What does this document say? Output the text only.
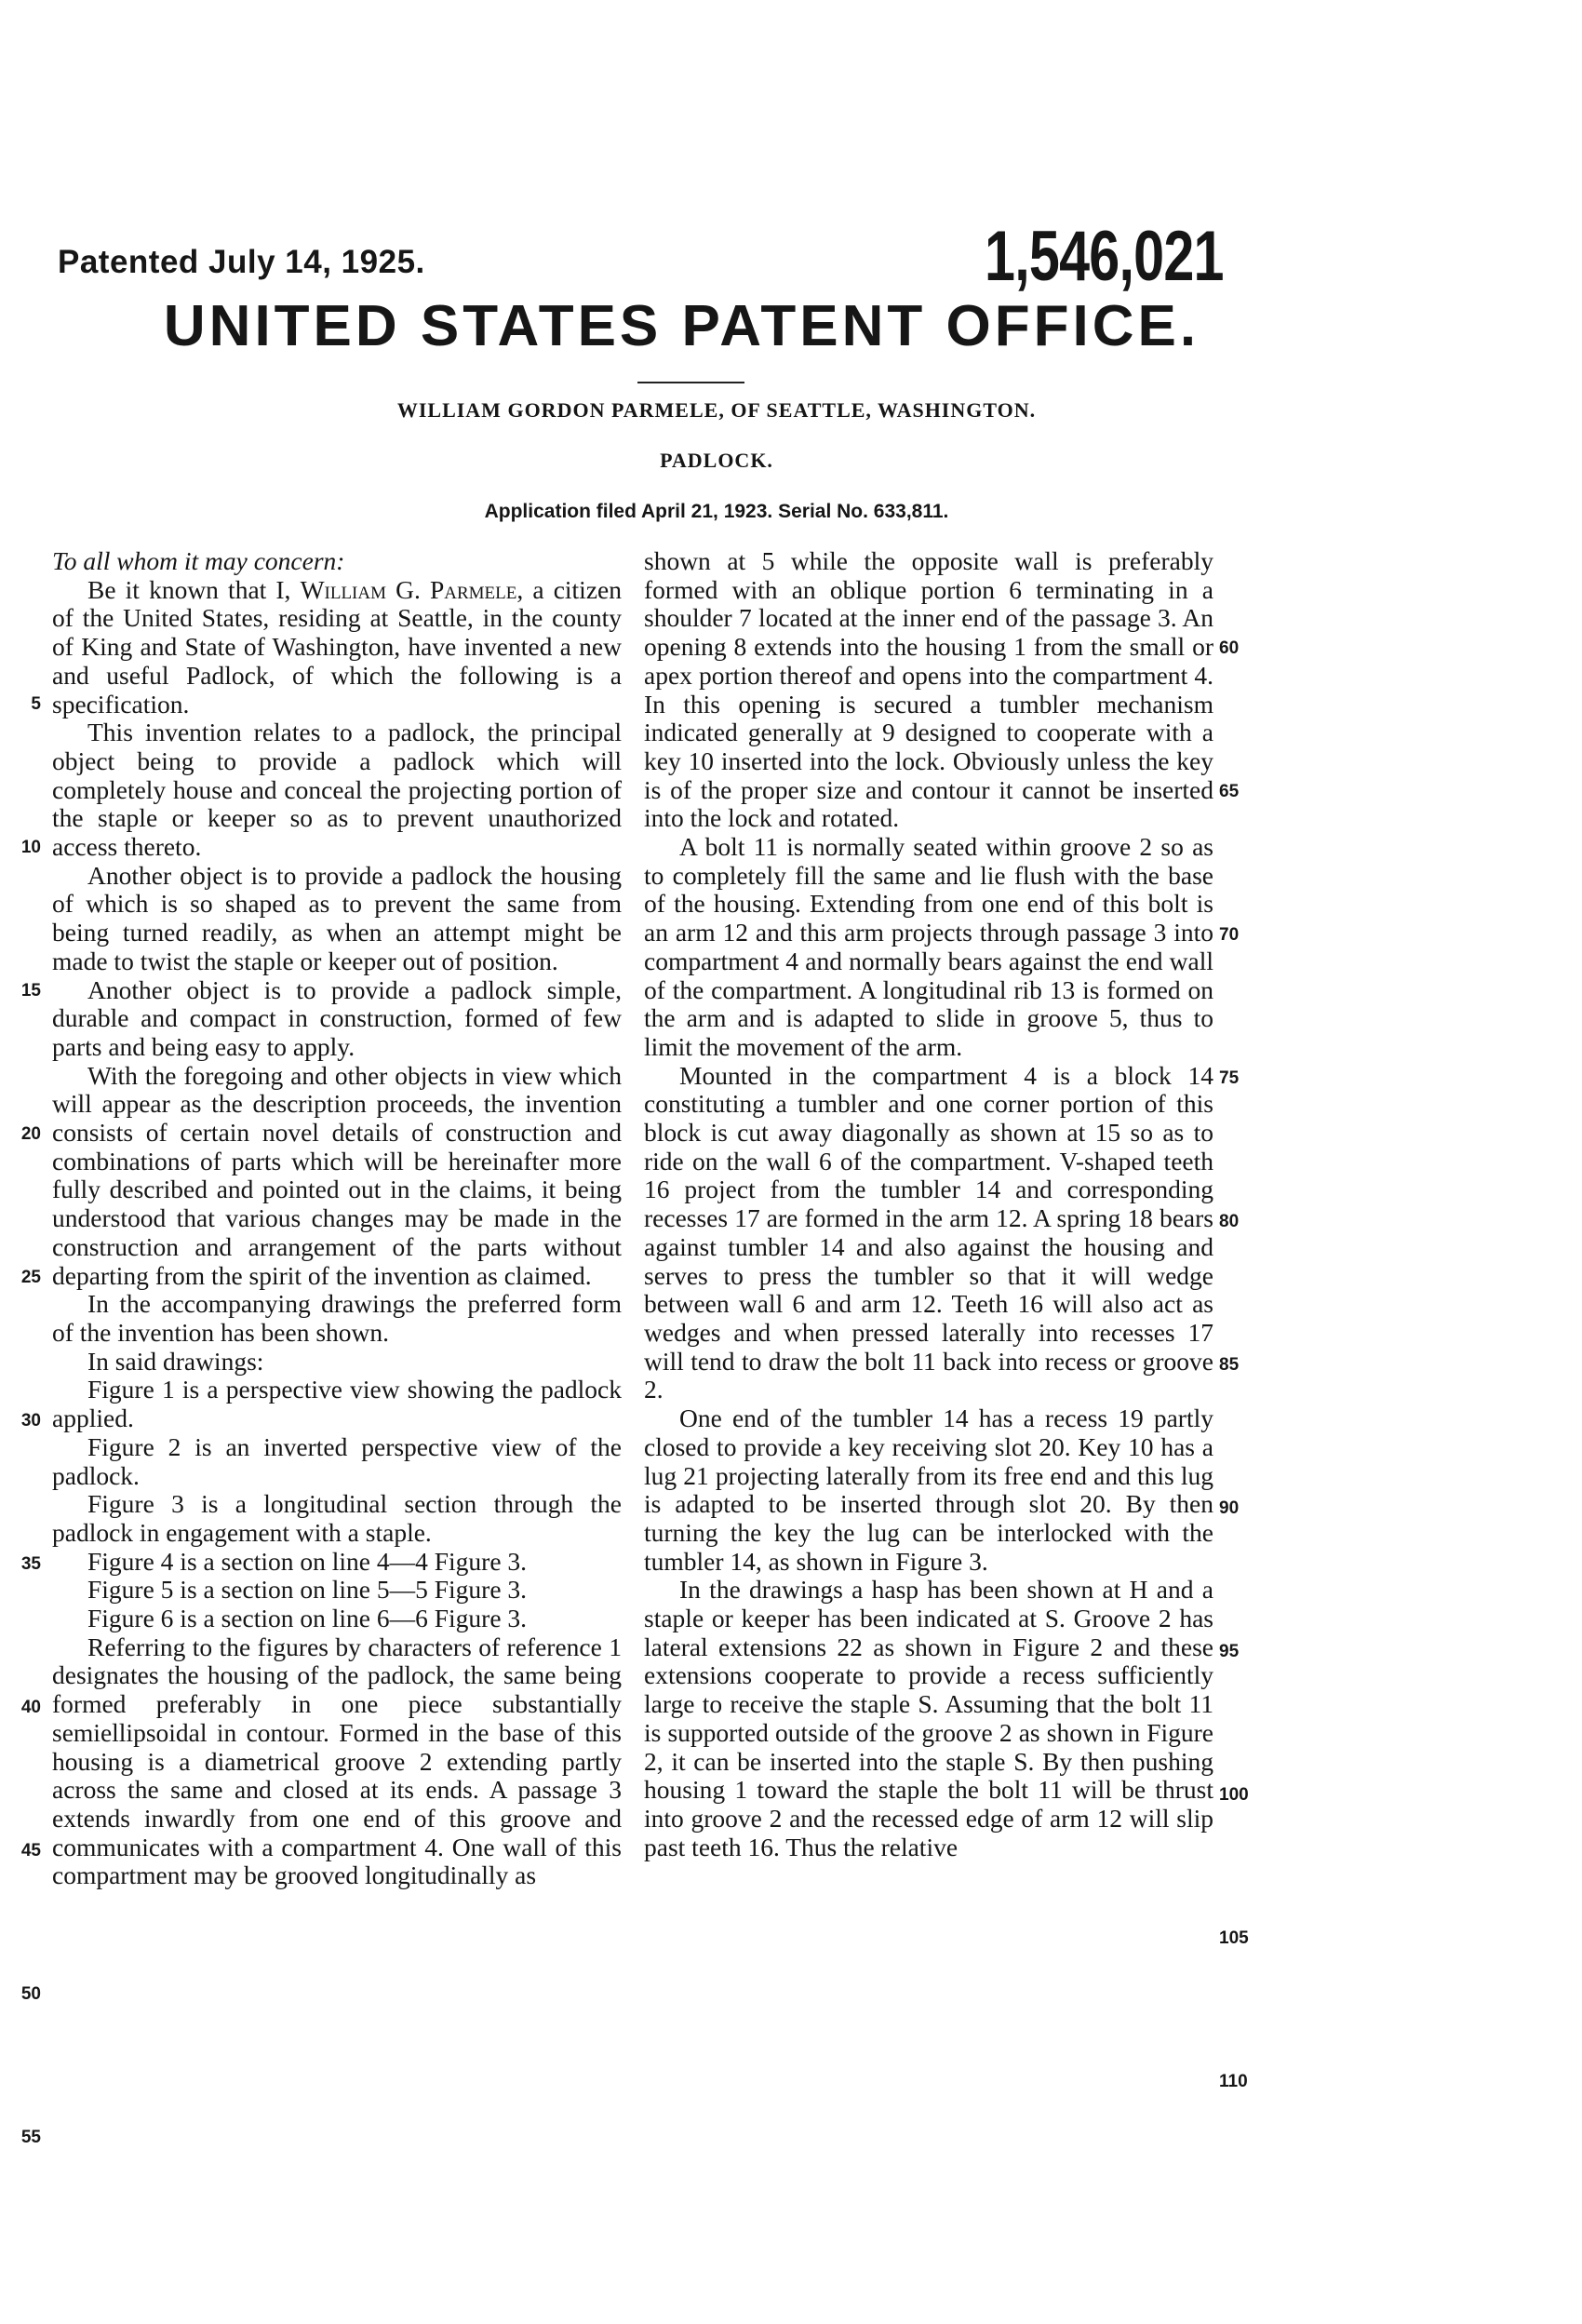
Patented July 14, 1925.	1,546,021
UNITED STATES PATENT OFFICE.
WILLIAM GORDON PARMELE, OF SEATTLE, WASHINGTON.
PADLOCK.
Application filed April 21, 1923. Serial No. 633,811.

To all whom it may concern:

Be it known that I, William G. Parmele, a citizen of the United States, residing at Seattle, in the county of King and State of Washington, have invented a new and useful Padlock, of which the following is a specification.

This invention relates to a padlock, the principal object being to provide a padlock which will completely house and conceal the projecting portion of the staple or keeper so as to prevent unauthorized access thereto.

Another object is to provide a padlock the housing of which is so shaped as to prevent the same from being turned readily, as when an attempt might be made to twist the staple or keeper out of position.

Another object is to provide a padlock simple, durable and compact in construction, formed of few parts and being easy to apply.

With the foregoing and other objects in view which will appear as the description proceeds, the invention consists of certain novel details of construction and combinations of parts which will be hereinafter more fully described and pointed out in the claims, it being understood that various changes may be made in the construction and arrangement of the parts without departing from the spirit of the invention as claimed.

In the accompanying drawings the preferred form of the invention has been shown.

In said drawings:

Figure 1 is a perspective view showing the padlock applied.

Figure 2 is an inverted perspective view of the padlock.

Figure 3 is a longitudinal section through the padlock in engagement with a staple.

Figure 4 is a section on line 4—4 Figure 3.

Figure 5 is a section on line 5—5 Figure 3.

Figure 6 is a section on line 6—6 Figure 3.

Referring to the figures by characters of reference 1 designates the housing of the padlock, the same being formed preferably in one piece substantially semiellipsoidal in contour. Formed in the base of this housing is a diametrical groove 2 extending partly across the same and closed at its ends. A passage 3 extends inwardly from one end of this groove and communicates with a compartment 4. One wall of this compartment may be grooved longitudinally as

shown at 5 while the opposite wall is preferably formed with an oblique portion 6 terminating in a shoulder 7 located at the inner end of the passage 3. An opening 8 extends into the housing 1 from the small or apex portion thereof and opens into the compartment 4. In this opening is secured a tumbler mechanism indicated generally at 9 designed to cooperate with a key 10 inserted into the lock. Obviously unless the key is of the proper size and contour it cannot be inserted into the lock and rotated.

A bolt 11 is normally seated within groove 2 so as to completely fill the same and lie flush with the base of the housing. Extending from one end of this bolt is an arm 12 and this arm projects through passage 3 into compartment 4 and normally bears against the end wall of the compartment. A longitudinal rib 13 is formed on the arm and is adapted to slide in groove 5, thus to limit the movement of the arm.

Mounted in the compartment 4 is a block 14 constituting a tumbler and one corner portion of this block is cut away diagonally as shown at 15 so as to ride on the wall 6 of the compartment. V-shaped teeth 16 project from the tumbler 14 and corresponding recesses 17 are formed in the arm 12. A spring 18 bears against tumbler 14 and also against the housing and serves to press the tumbler so that it will wedge between wall 6 and arm 12. Teeth 16 will also act as wedges and when pressed laterally into recesses 17 will tend to draw the bolt 11 back into recess or groove 2.

One end of the tumbler 14 has a recess 19 partly closed to provide a key receiving slot 20. Key 10 has a lug 21 projecting laterally from its free end and this lug is adapted to be inserted through slot 20. By then turning the key the lug can be interlocked with the tumbler 14, as shown in Figure 3.

In the drawings a hasp has been shown at H and a staple or keeper has been indicated at S. Groove 2 has lateral extensions 22 as shown in Figure 2 and these extensions cooperate to provide a recess sufficiently large to receive the staple S. Assuming that the bolt 11 is supported outside of the groove 2 as shown in Figure 2, it can be inserted into the staple S. By then pushing housing 1 toward the staple the bolt 11 will be thrust into groove 2 and the recessed edge of arm 12 will slip past teeth 16. Thus the relative

5
10
15
20
25
30
35
40
45
50
55
60
65
70
75
80
85
90
95
100
105
110
